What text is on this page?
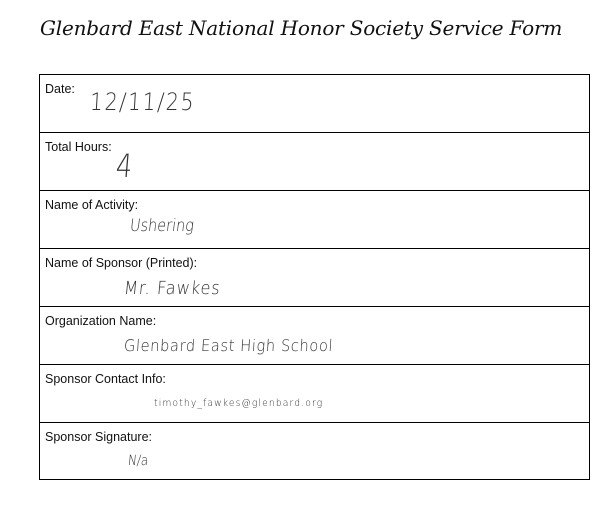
Glenbard East National Honor Society Service Form
Date: 12/11/25
Total Hours: 4
Name of Activity:
Ushering
Name of Sponsor (Printed):
Mr. Fawkes
Organization Name:
Glenbard East High School
Sponsor Contact Info:
timothy_fawkes@glenbard.org
Sponsor Signature:
N/a
